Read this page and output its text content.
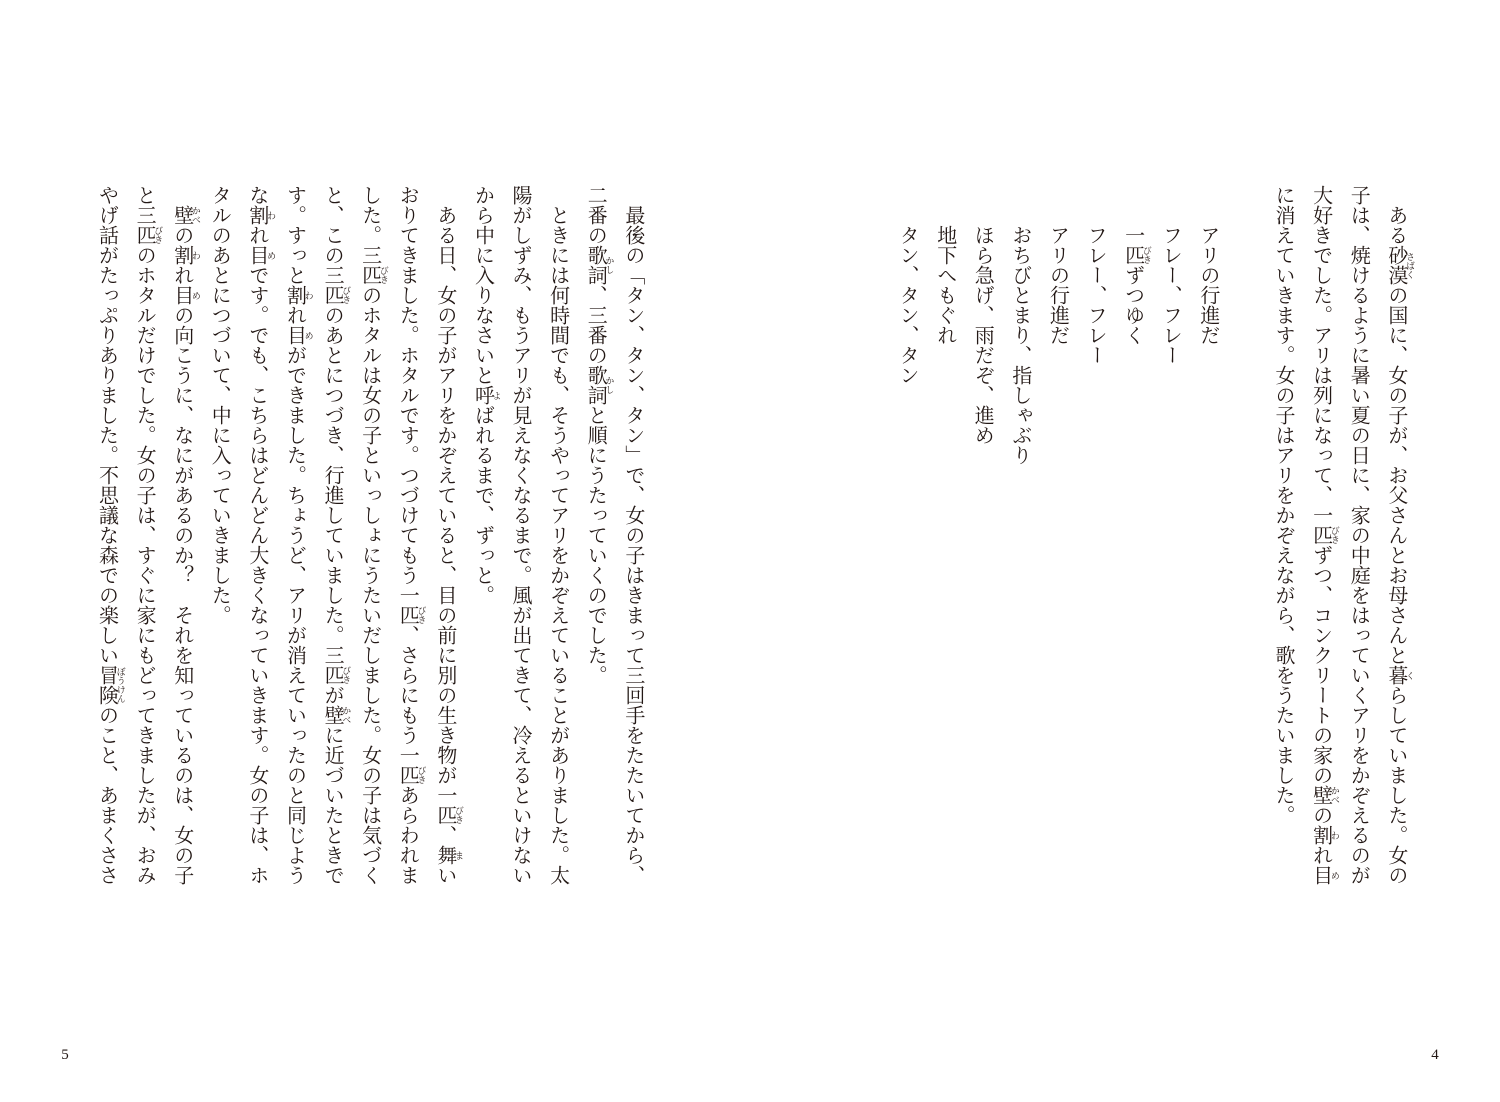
最後の「タン、タン、タン」で、女の子はきまって三回手をたたいてから、
二番の歌詞
かし
、三番の歌詞
かし
と順にうたっていくのでした。
ときには何時間でも、そうやってアリをかぞえていることがありました。太
陽がしずみ、もうアリが見えなくなるまで。風が出てきて、冷えるといけない
から中に入りなさいと呼
よ
ばれるまで、ずっと。
ある日、女の子がアリをかぞえていると、目の前に別の生き物が一匹
びき
、舞
ま
い
おりてきました。ホタルです。つづけてもう一匹
びき
、さらにもう一匹
びき
あらわれま
した。三匹
びき
のホタルは女の子といっしょにうたいだしました。女の子は気づく
と、この三匹
びき
のあとにつづき、行進していました。三匹
びき
が壁
かべ
に近づいたときで
す。すっと割
わ
れ目
め
ができました。ちょうど、アリが消えていったのと同じよう
な割
わ
れ目
め
です。でも、こちらはどんどん大きくなっていきます。女の子は、ホ
タルのあとにつづいて、中に入っていきました。
壁
かべ
の割
わ
れ目
め
の向こうに、なにがあるのか？　それを知っているのは、女の子
と三匹
びき
のホタルだけでした。女の子は、すぐに家にもどってきましたが、おみ
やげ話がたっぷりありました。不思議な森での楽しい冒険
ぼうけん
のこと、あまくささ
5
ある砂漠
さばく
の国に、女の子が、お父さんとお母さんと暮
く
らしていました。女の
子は、焼けるように暑い夏の日に、家の中庭をはっていくアリをかぞえるのが
大好きでした。アリは列になって、一匹
びき
ずつ、コンクリートの家の壁
かべ
の割
わ
れ目
め
に消えていきます。女の子はアリをかぞえながら、歌をうたいました。
アリの行進だ
フレー、フレー
一匹
びき
ずつゆく
フレー、フレー
アリの行進だ
おちびとまり、指しゃぶり
ほら急げ、雨だぞ、進め
地下へもぐれ
タン、タン、タン
4
